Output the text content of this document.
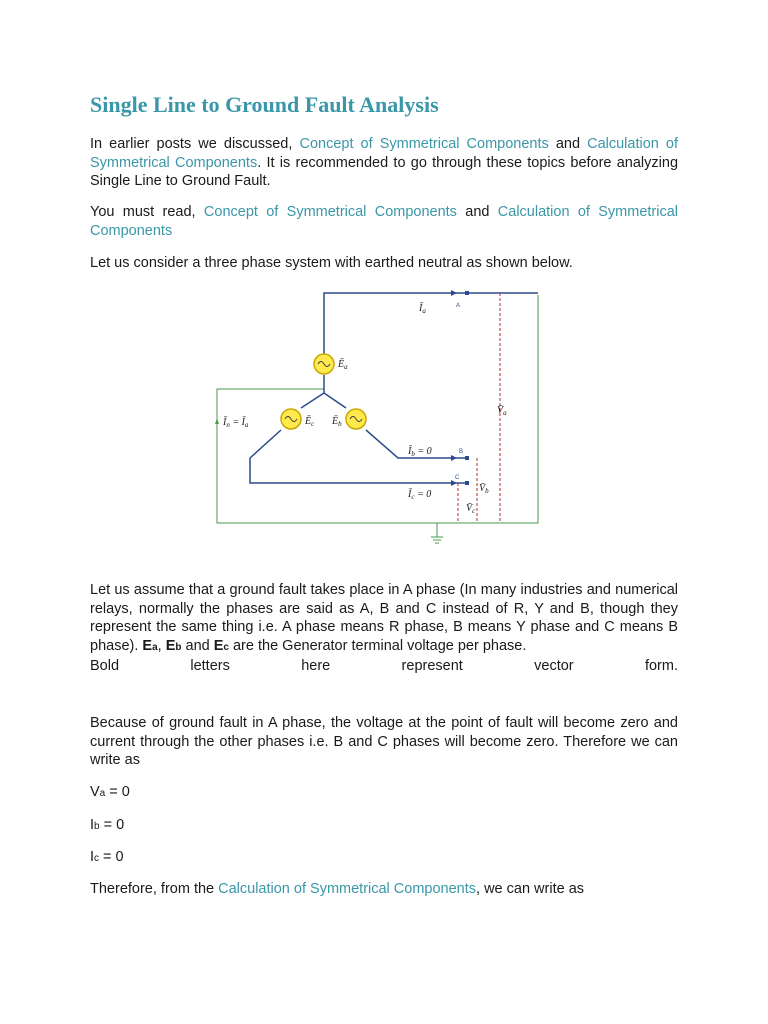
Single Line to Ground Fault Analysis

In earlier posts we discussed, Concept of Symmetrical Components and Calculation of Symmetrical Components. It is recommended to go through these topics before analyzing Single Line to Ground Fault.

You must read, Concept of Symmetrical Components and Calculation of Symmetrical Components

Let us consider a three phase system with earthed neutral as shown below.

$Ī_a$
$Ē_a$
$Ē_c$ $Ē_b$
$Ī_n$ = $Ī_a$
$V̄_a$
$Ī_b = 0$
$Ī_c = 0$
$V̄_b$
$V̄_c$
A
B
C

Let us assume that a ground fault takes place in A phase (In many industries and numerical relays, normally the phases are said as A, B and C instead of R, Y and B, though they represent the same thing i.e. A phase means R phase, B means Y phase and C means B phase). Ea, Eb and Ec are the Generator terminal voltage per phase.

Bold	letters	here	represent	vector	form.

Because of ground fault in A phase, the voltage at the point of fault will become zero and current through the other phases i.e. B and C phases will become zero. Therefore we can write as

Va = 0

Ib = 0

Ic = 0

Therefore, from the Calculation of Symmetrical Components, we can write as
